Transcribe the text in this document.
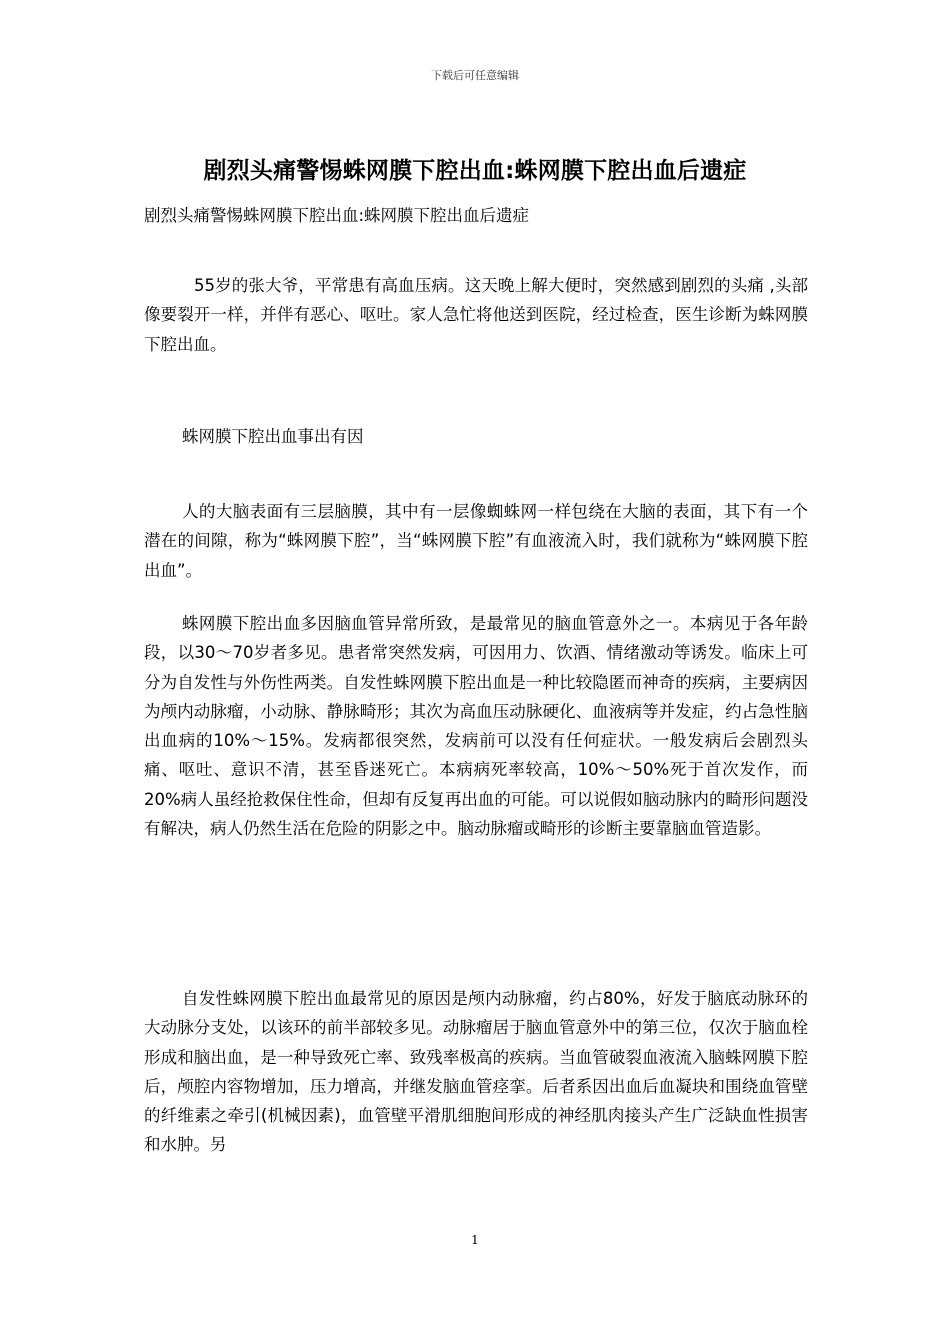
下载后可任意编辑
剧烈头痛警惕蛛网膜下腔出血:蛛网膜下腔出血后遗症
剧烈头痛警惕蛛网膜下腔出血:蛛网膜下腔出血后遗症

55岁的张大爷，平常患有高血压病。这天晚上解大便时，突然感到剧烈的头痛 ,头部像要裂开一样，并伴有恶心、呕吐。家人急忙将他送到医院，经过检查，医生诊断为蛛网膜下腔出血。

蛛网膜下腔出血事出有因

人的大脑表面有三层脑膜，其中有一层像蜘蛛网一样包绕在大脑的表面，其下有一个潜在的间隙，称为“蛛网膜下腔”，当“蛛网膜下腔”有血液流入时，我们就称为“蛛网膜下腔出血”。

蛛网膜下腔出血多因脑血管异常所致，是最常见的脑血管意外之一。本病见于各年龄段，以30～70岁者多见。患者常突然发病，可因用力、饮酒、情绪激动等诱发。临床上可分为自发性与外伤性两类。自发性蛛网膜下腔出血是一种比较隐匿而神奇的疾病，主要病因为颅内动脉瘤，小动脉、静脉畸形；其次为高血压动脉硬化、血液病等并发症，约占急性脑出血病的10%～15%。发病都很突然，发病前可以没有任何症状。一般发病后会剧烈头痛、呕吐、意识不清，甚至昏迷死亡。本病病死率较高，10%～50%死于首次发作，而20%病人虽经抢救保住性命，但却有反复再出血的可能。可以说假如脑动脉内的畸形问题没有解决，病人仍然生活在危险的阴影之中。脑动脉瘤或畸形的诊断主要靠脑血管造影。

自发性蛛网膜下腔出血最常见的原因是颅内动脉瘤，约占80%，好发于脑底动脉环的大动脉分支处，以该环的前半部较多见。动脉瘤居于脑血管意外中的第三位，仅次于脑血栓形成和脑出血，是一种导致死亡率、致残率极高的疾病。当血管破裂血液流入脑蛛网膜下腔后，颅腔内容物增加，压力增高，并继发脑血管痉挛。后者系因出血后血凝块和围绕血管壁的纤维素之牵引(机械因素)，血管壁平滑肌细胞间形成的神经肌肉接头产生广泛缺血性损害和水肿。另

1
